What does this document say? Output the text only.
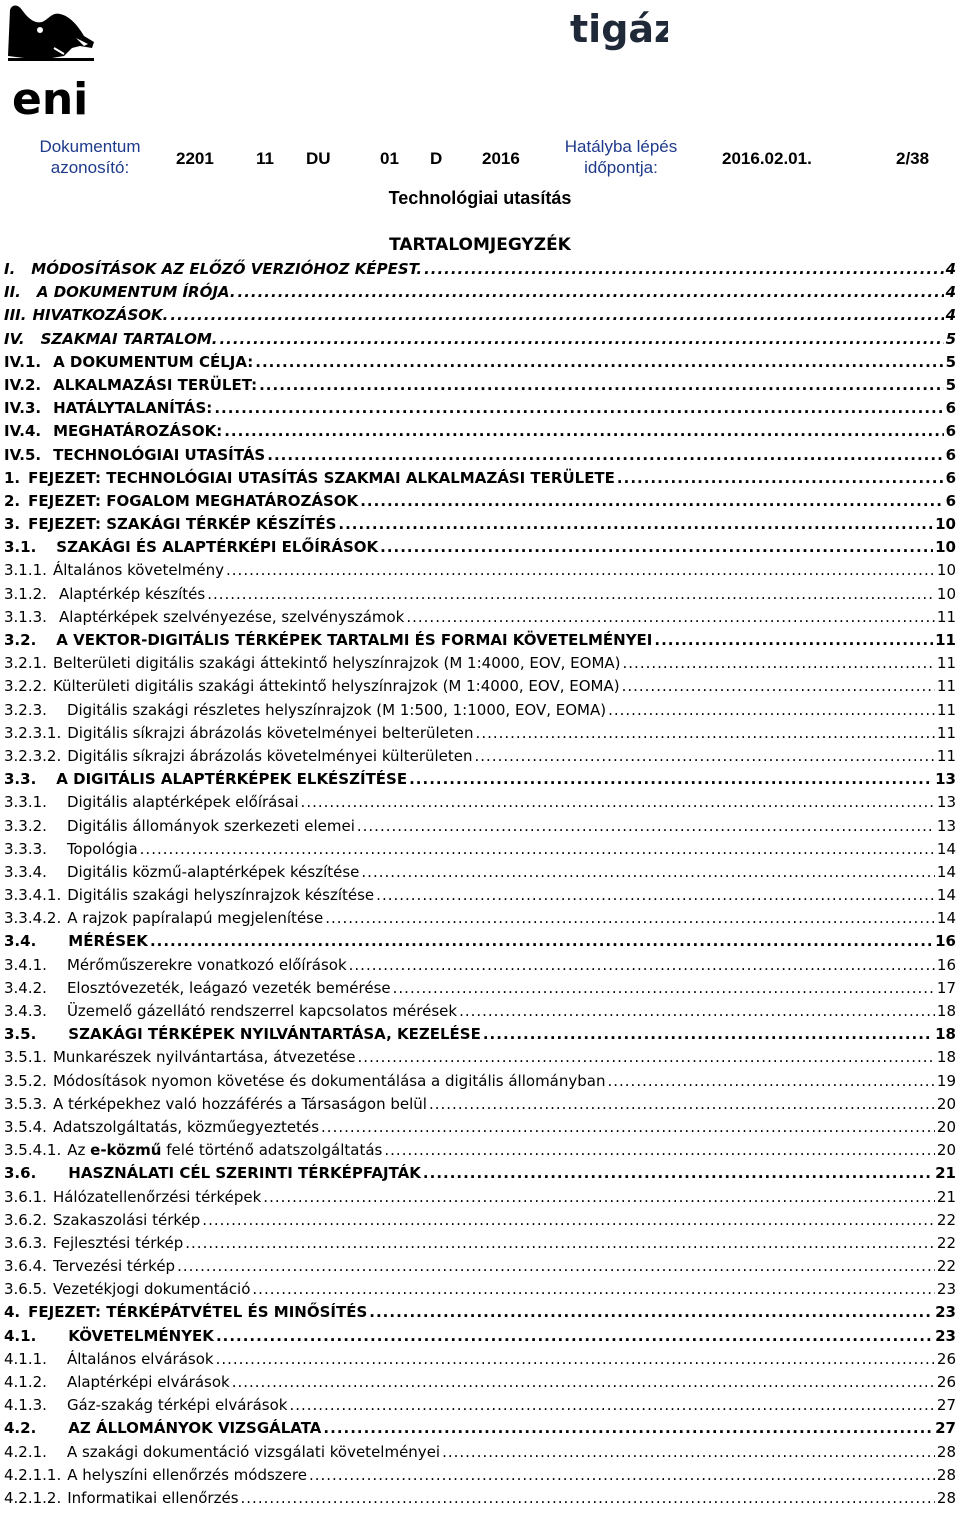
eni
tigáz
Dokumentum azonosító:	2201 11 DU	01 D 2016
Hatályba lépés időpontja:	2016.02.01.	2/38
Technológiai utasítás
TARTALOMJEGYZÉK
I. MÓDOSÍTÁSOK AZ ELŐZŐ VERZIÓHOZ KÉPEST. .....	4
II. A DOKUMENTUM ÍRÓJA. .....	4
III. HIVATKOZÁSOK. .....	4
IV. SZAKMAI TARTALOM. .....	5
IV.1. A DOKUMENTUM CÉLJA: .....	5
IV.2. ALKALMAZÁSI TERÜLET: .....	5
IV.3. HATÁLYTALANÍTÁS: .....	6
IV.4. MEGHATÁROZÁSOK: .....	6
IV.5. TECHNOLÓGIAI UTASÍTÁS .....	6
1. FEJEZET: TECHNOLÓGIAI UTASÍTÁS SZAKMAI ALKALMAZÁSI TERÜLETE .....	6
2. FEJEZET: FOGALOM MEGHATÁROZÁSOK .....	6
3. FEJEZET: SZAKÁGI TÉRKÉP KÉSZÍTÉS .....	10
3.1. SZAKÁGI ÉS ALAPTÉRKÉPI ELŐÍRÁSOK .....	10
3.1.1. Általános követelmény .....	10
3.1.2. Alaptérkép készítés .....	10
3.1.3. Alaptérképek szelvényezése, szelvényszámok .....	11
3.2. A VEKTOR-DIGITÁLIS TÉRKÉPEK TARTALMI ÉS FORMAI KÖVETELMÉNYEI .....	11
3.2.1. Belterületi digitális szakági áttekintő helyszínrajzok (M 1:4000, EOV, EOMA) .....	11
3.2.2. Külterületi digitális szakági áttekintő helyszínrajzok (M 1:4000, EOV, EOMA) .....	11
3.2.3. Digitális szakági részletes helyszínrajzok (M 1:500, 1:1000, EOV, EOMA) .....	11
3.2.3.1. Digitális síkrajzi ábrázolás követelményei belterületen .....	11
3.2.3.2. Digitális síkrajzi ábrázolás követelményei külterületen .....	11
3.3. A DIGITÁLIS ALAPTÉRKÉPEK ELKÉSZÍTÉSE .....	13
3.3.1. Digitális alaptérképek előírásai .....	13
3.3.2. Digitális állományok szerkezeti elemei .....	13
3.3.3. Topológia .....	14
3.3.4. Digitális közmű-alaptérképek készítése .....	14
3.3.4.1. Digitális szakági helyszínrajzok készítése .....	14
3.3.4.2. A rajzok papíralapú megjelenítése .....	14
3.4. MÉRÉSEK .....	16
3.4.1. Mérőműszerekre vonatkozó előírások .....	16
3.4.2. Elosztóvezeték, leágazó vezeték bemérése .....	17
3.4.3. Üzemelő gázellátó rendszerrel kapcsolatos mérések .....	18
3.5. SZAKÁGI TÉRKÉPEK NYILVÁNTARTÁSA, KEZELÉSE .....	18
3.5.1. Munkarészek nyilvántartása, átvezetése .....	18
3.5.2. Módosítások nyomon követése és dokumentálása a digitális állományban .....	19
3.5.3. A térképekhez való hozzáférés a Társaságon belül .....	20
3.5.4. Adatszolgáltatás, közműegyeztetés .....	20
3.5.4.1. Az e-közmű felé történő adatszolgáltatás .....	20
3.6. HASZNÁLATI CÉL SZERINTI TÉRKÉPFAJTÁK .....	21
3.6.1. Hálózatellenőrzési térképek .....	21
3.6.2. Szakaszolási térkép .....	22
3.6.3. Fejlesztési térkép .....	22
3.6.4. Tervezési térkép .....	22
3.6.5. Vezetékjogi dokumentáció .....	23
4. FEJEZET: TÉRKÉPÁTVÉTEL ÉS MINŐSÍTÉS .....	23
4.1. KÖVETELMÉNYEK .....	23
4.1.1. Általános elvárások .....	26
4.1.2. Alaptérképi elvárások .....	26
4.1.3. Gáz-szakág térképi elvárások .....	27
4.2. AZ ÁLLOMÁNYOK VIZSGÁLATA .....	27
4.2.1. A szakági dokumentáció vizsgálati követelményei .....	28
4.2.1.1. A helyszíni ellenőrzés módszere .....	28
4.2.1.2. Informatikai ellenőrzés .....	28
